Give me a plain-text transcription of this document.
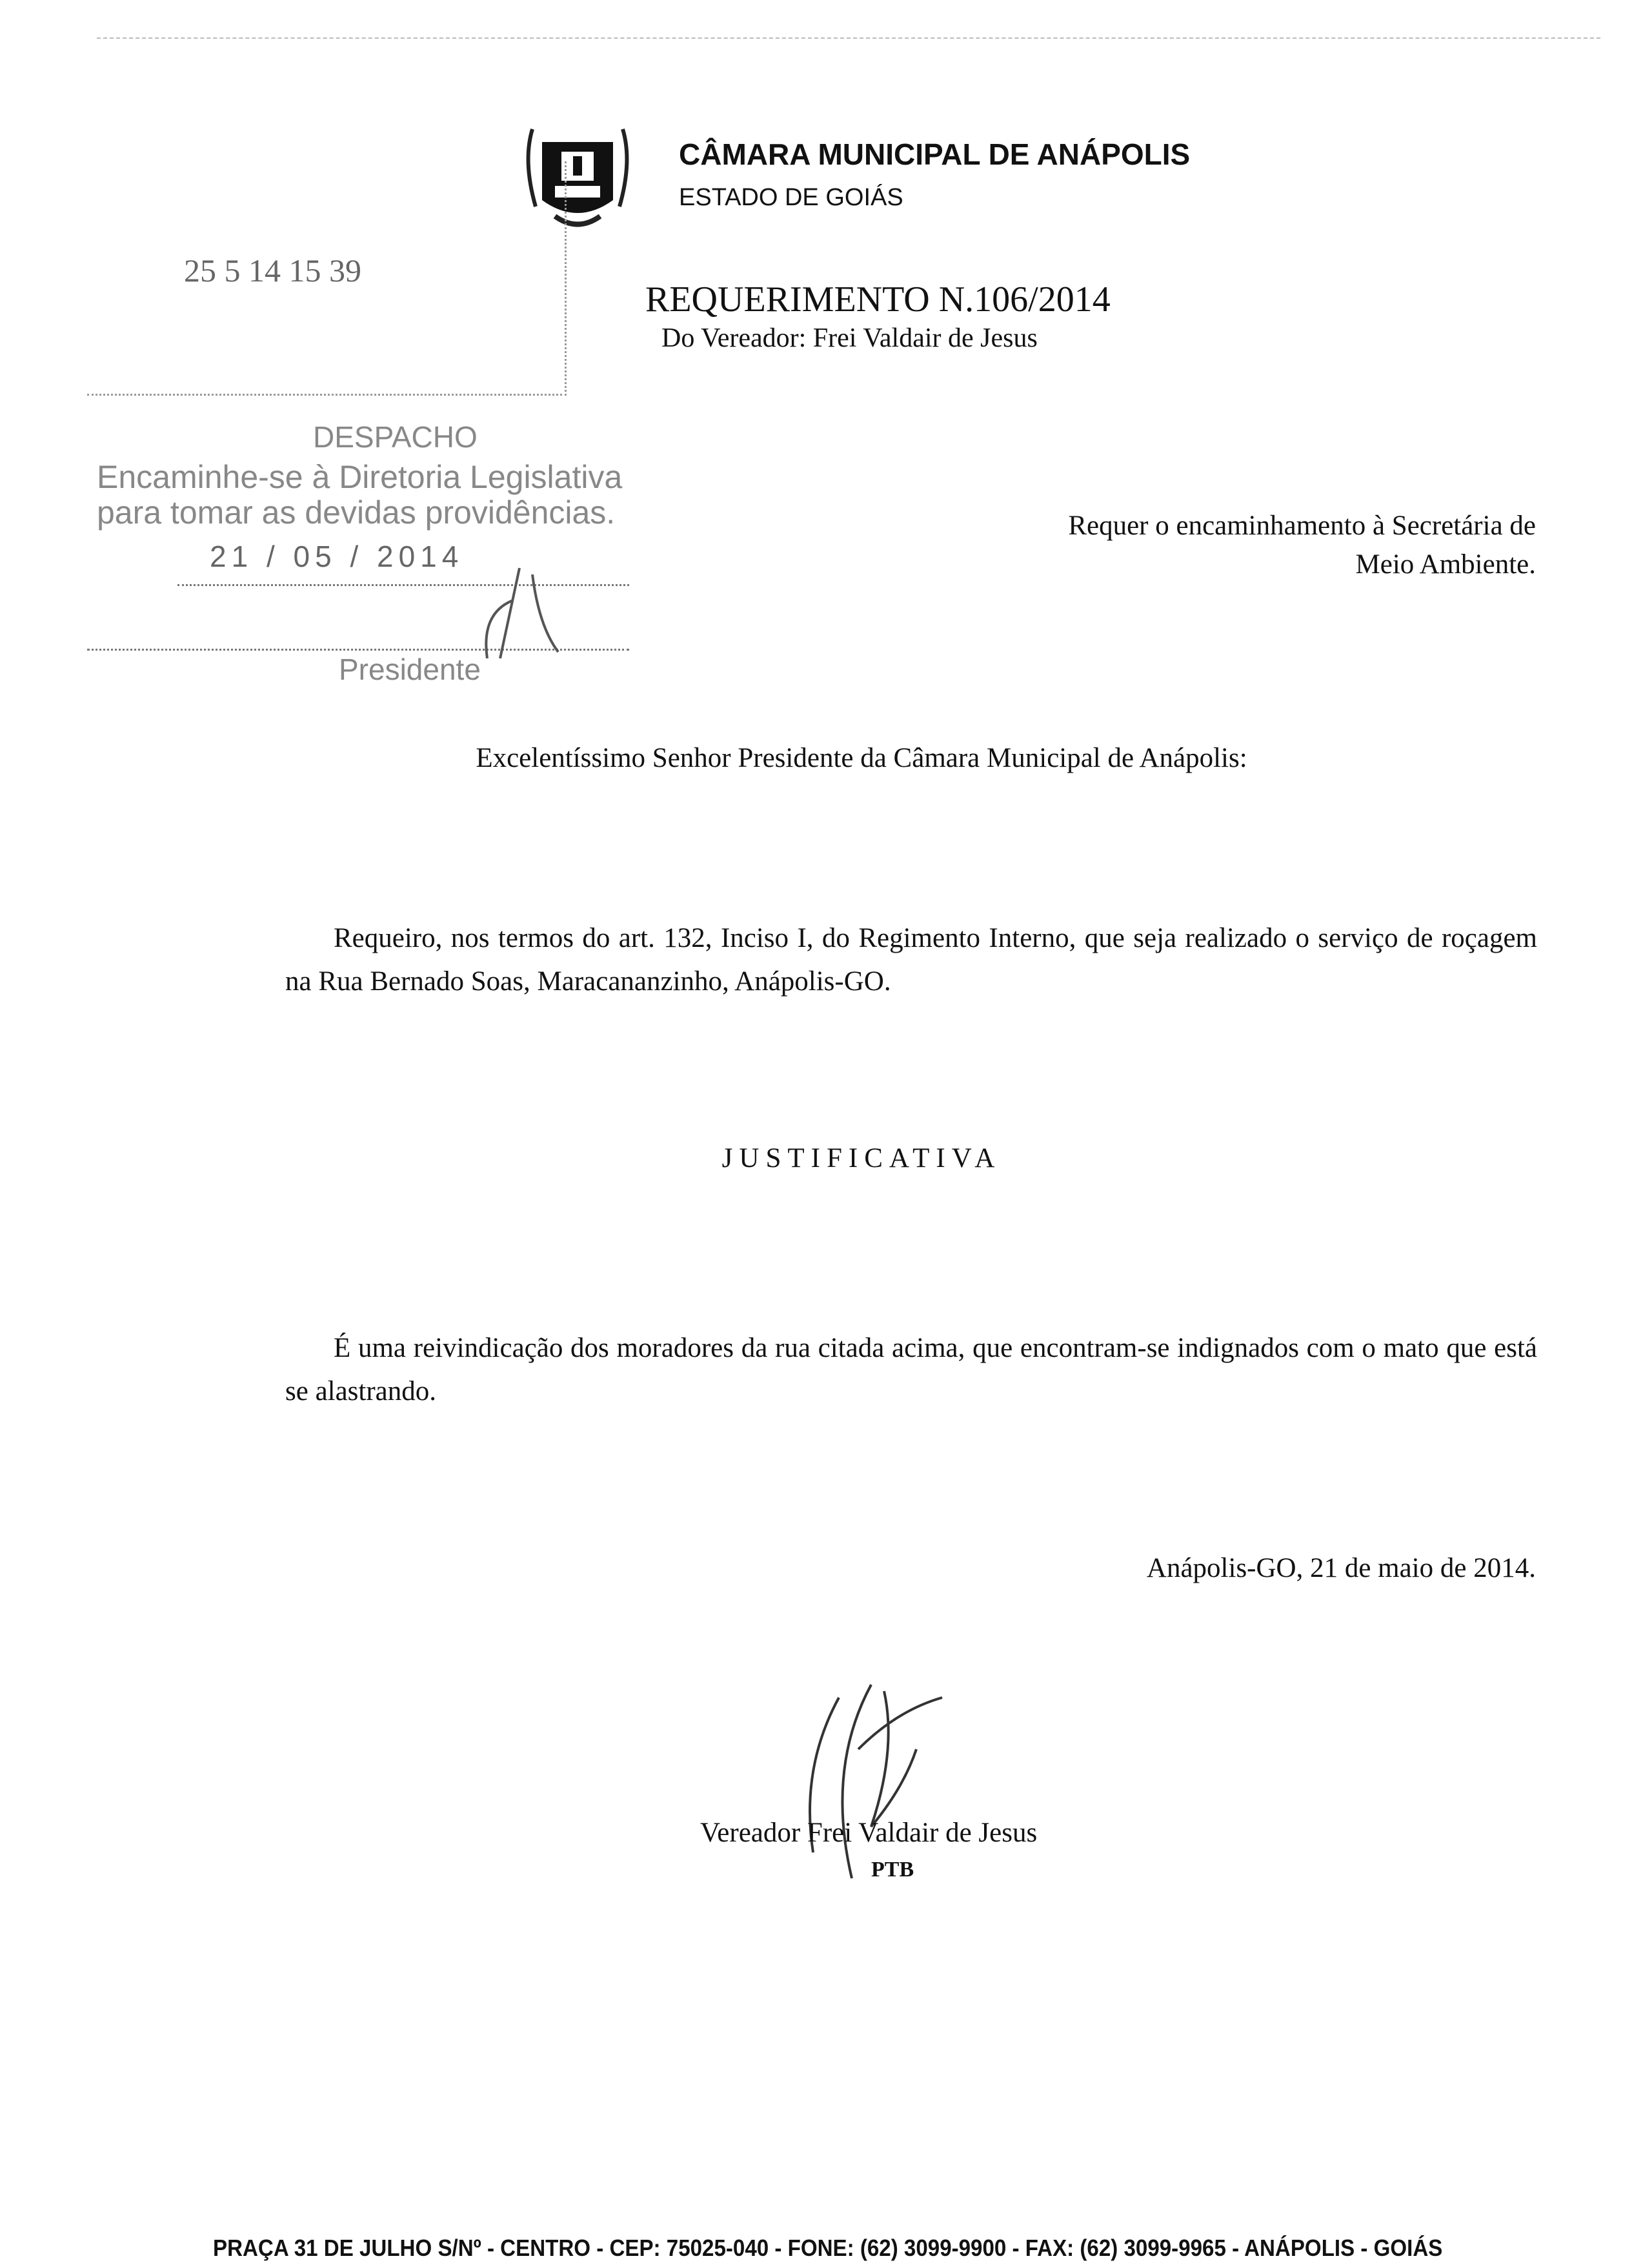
CÂMARA MUNICIPAL DE ANÁPOLIS
ESTADO DE GOIÁS
25 5 14 15 39
DESPACHO
Encaminhe-se à Diretoria Legislativa
para tomar as devidas providências.
21 / 05 / 2014
Presidente
REQUERIMENTO N.106/2014
Do Vereador: Frei Valdair de Jesus
Requer o encaminhamento à Secretária de
Meio Ambiente.
Excelentíssimo Senhor Presidente da Câmara Municipal de Anápolis:
Requeiro, nos termos do art. 132, Inciso I, do Regimento Interno, que seja realizado o serviço de roçagem na Rua Bernado Soas, Maracananzinho, Anápolis-GO.
JUSTIFICATIVA
É uma reivindicação dos moradores da rua citada acima, que encontram-se indignados com o mato que está se alastrando.
Anápolis-GO, 21 de maio de 2014.
Vereador Frei Valdair de Jesus
PTB
PRAÇA 31 DE JULHO S/Nº - CENTRO - CEP: 75025-040 - FONE: (62) 3099-9900 - FAX: (62) 3099-9965 - ANÁPOLIS - GOIÁS
